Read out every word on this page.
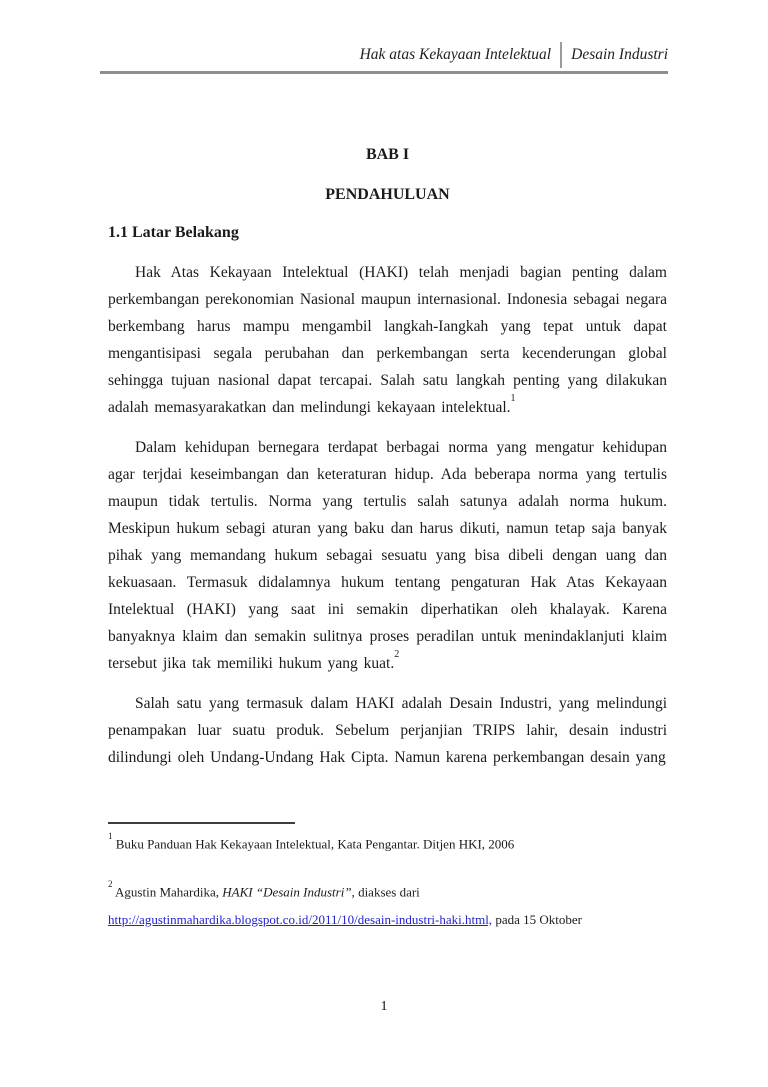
Hak atas Kekayaan Intelektual Desain Industri

BAB I

PENDAHULUAN

1.1 Latar Belakang

Hak Atas Kekayaan Intelektual (HAKI) telah menjadi bagian penting dalam perkembangan perekonomian Nasional maupun internasional. Indonesia sebagai negara berkembang harus mampu mengambil langkah-Iangkah yang tepat untuk dapat mengantisipasi segala perubahan dan perkembangan serta kecenderungan global sehingga tujuan nasional dapat tercapai. Salah satu langkah penting yang dilakukan adalah memasyarakatkan dan melindungi kekayaan intelektual.$^1$

Dalam kehidupan bernegara terdapat berbagai norma yang mengatur kehidupan agar terjdai keseimbangan dan keteraturan hidup. Ada beberapa norma yang tertulis maupun tidak tertulis. Norma yang tertulis salah satunya adalah norma hukum. Meskipun hukum sebagi aturan yang baku dan harus dikuti, namun tetap saja banyak pihak yang memandang hukum sebagai sesuatu yang bisa dibeli dengan uang dan kekuasaan. Termasuk didalamnya hukum tentang pengaturan Hak Atas Kekayaan Intelektual (HAKI) yang saat ini semakin diperhatikan oleh khalayak. Karena banyaknya klaim dan semakin sulitnya proses peradilan untuk menindaklanjuti klaim tersebut jika tak memiliki hukum yang kuat.$^2$

Salah satu yang termasuk dalam HAKI adalah Desain Industri, yang melindungi penampakan luar suatu produk. Sebelum perjanjian TRIPS lahir, desain industri dilindungi oleh Undang-Undang Hak Cipta. Namun karena perkembangan desain yang

$^1$ Buku Panduan Hak Kekayaan Intelektual, Kata Pengantar. Ditjen HKI, 2006
$^2$ Agustin Mahardika, HAKI “Desain Industri”, diakses dari
http://agustinmahardika.blogspot.co.id/2011/10/desain-industri-haki.html, pada 15 Oktober
1
